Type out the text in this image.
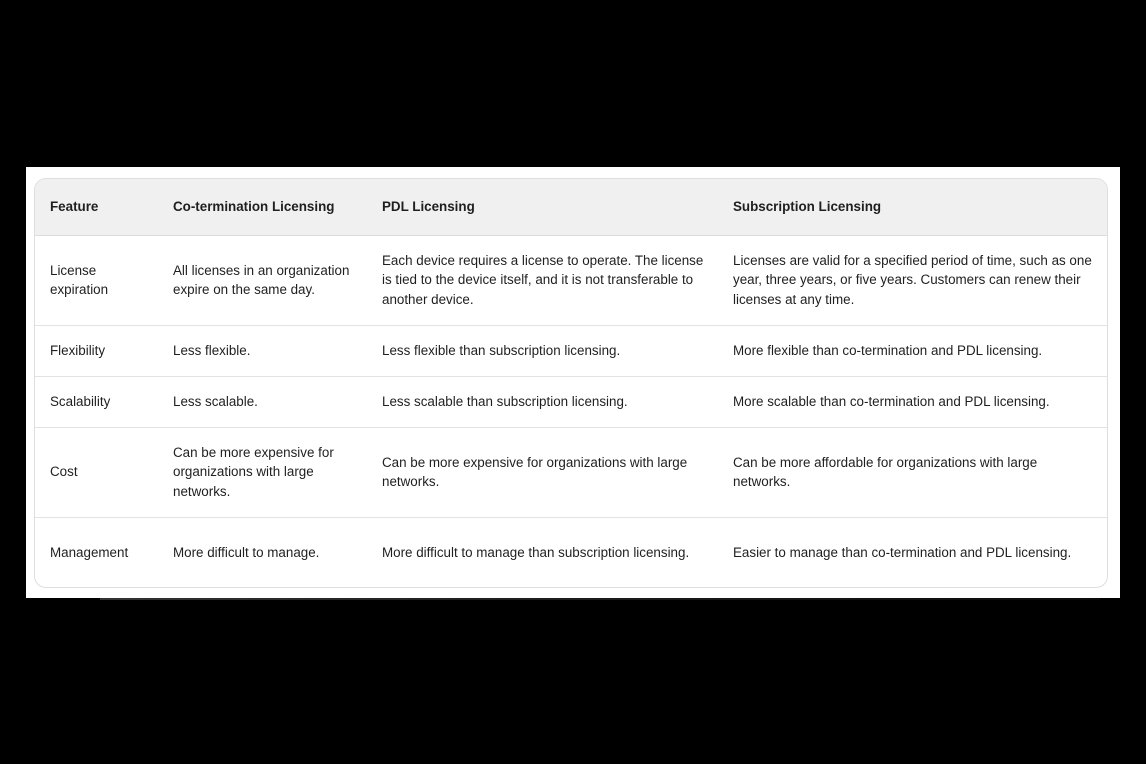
Feature	Co-termination Licensing	PDL Licensing	Subscription Licensing
License expiration	All licenses in an organization expire on the same day.	Each device requires a license to operate. The license is tied to the device itself, and it is not transferable to another device.	Licenses are valid for a specified period of time, such as one year, three years, or five years. Customers can renew their licenses at any time.
Flexibility	Less flexible.	Less flexible than subscription licensing.	More flexible than co-termination and PDL licensing.
Scalability	Less scalable.	Less scalable than subscription licensing.	More scalable than co-termination and PDL licensing.
Cost	Can be more expensive for organizations with large networks.	Can be more expensive for organizations with large networks.	Can be more affordable for organizations with large networks.
Management	More difficult to manage.	More difficult to manage than subscription licensing.	Easier to manage than co-termination and PDL licensing.
